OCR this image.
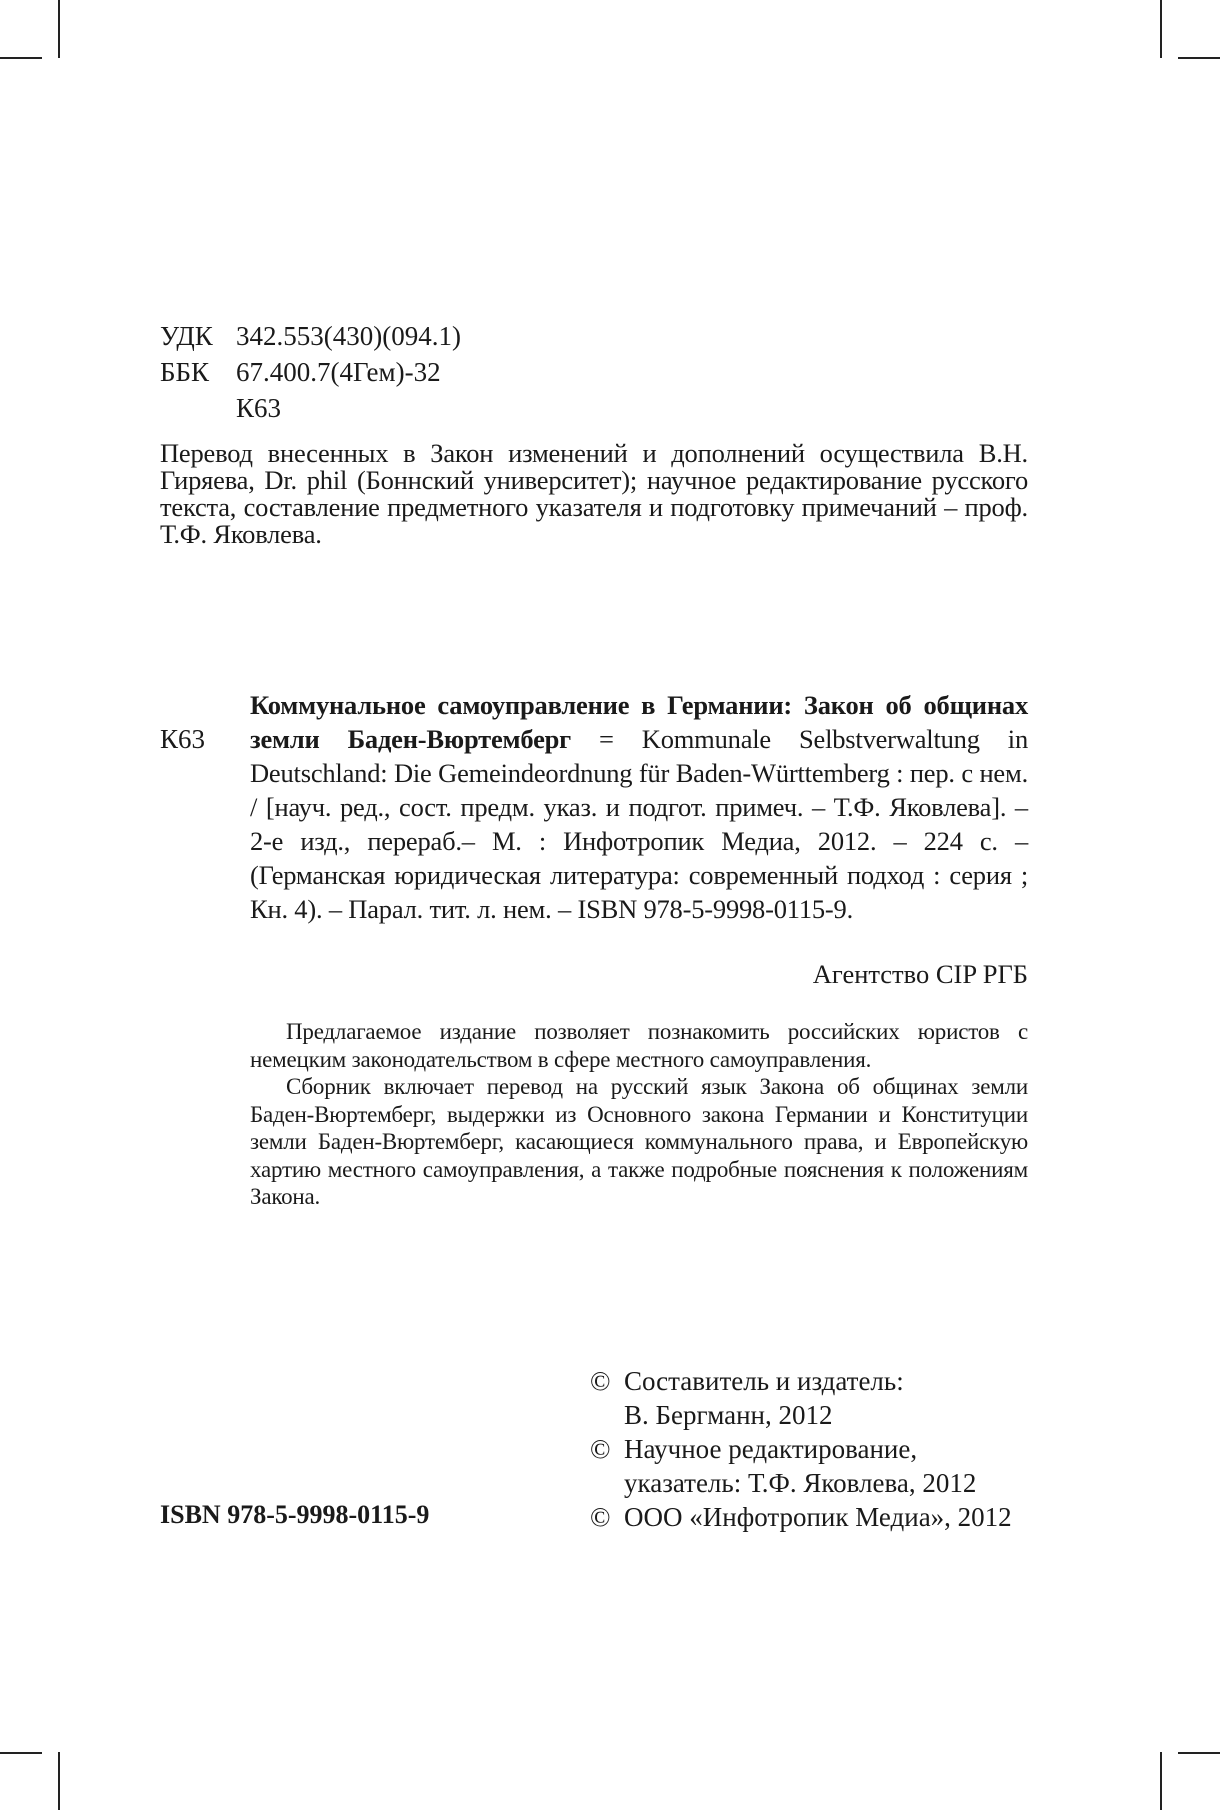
УДК 342.553(430)(094.1)
ББК 67.400.7(4Гем)-32
К63
Перевод внесенных в Закон изменений и дополнений осуществила В.Н. Гиряева, Dr. phil (Боннский университет); научное редактирование русского текста, составление предметного указателя и подготовку примечаний – проф. Т.Ф. Яковлева.
К63
Коммунальное самоуправление в Германии: Закон об общинах земли Баден-Вюртемберг = Kommunale Selbstverwaltung in Deutschland: Die Gemeindeordnung für Baden-Württemberg : пер. с нем. / [науч. ред., сост. предм. указ. и подгот. примеч. – Т.Ф. Яковлева]. – 2-е изд., перераб.– М. : Инфотропик Медиа, 2012. – 224 с. – (Германская юридическая литература: современный подход : серия ; Кн. 4). – Парал. тит. л. нем. – ISBN 978-5-9998-0115-9.
Агентство CIP РГБ

Предлагаемое издание позволяет познакомить российских юристов с немецким законодательством в сфере местного самоуправления.

Сборник включает перевод на русский язык Закона об общинах земли Баден-Вюртемберг, выдержки из Основного закона Германии и Конституции земли Баден-Вюртемберг, касающиеся коммунального права, и Европейскую хартию местного самоуправления, а также подробные пояснения к положениям Закона.

ISBN 978-5-9998-0115-9
© Составитель и издатель:
В. Бергманн, 2012
© Научное редактирование,
указатель: Т.Ф. Яковлева, 2012
© ООО «Инфотропик Медиа», 2012
